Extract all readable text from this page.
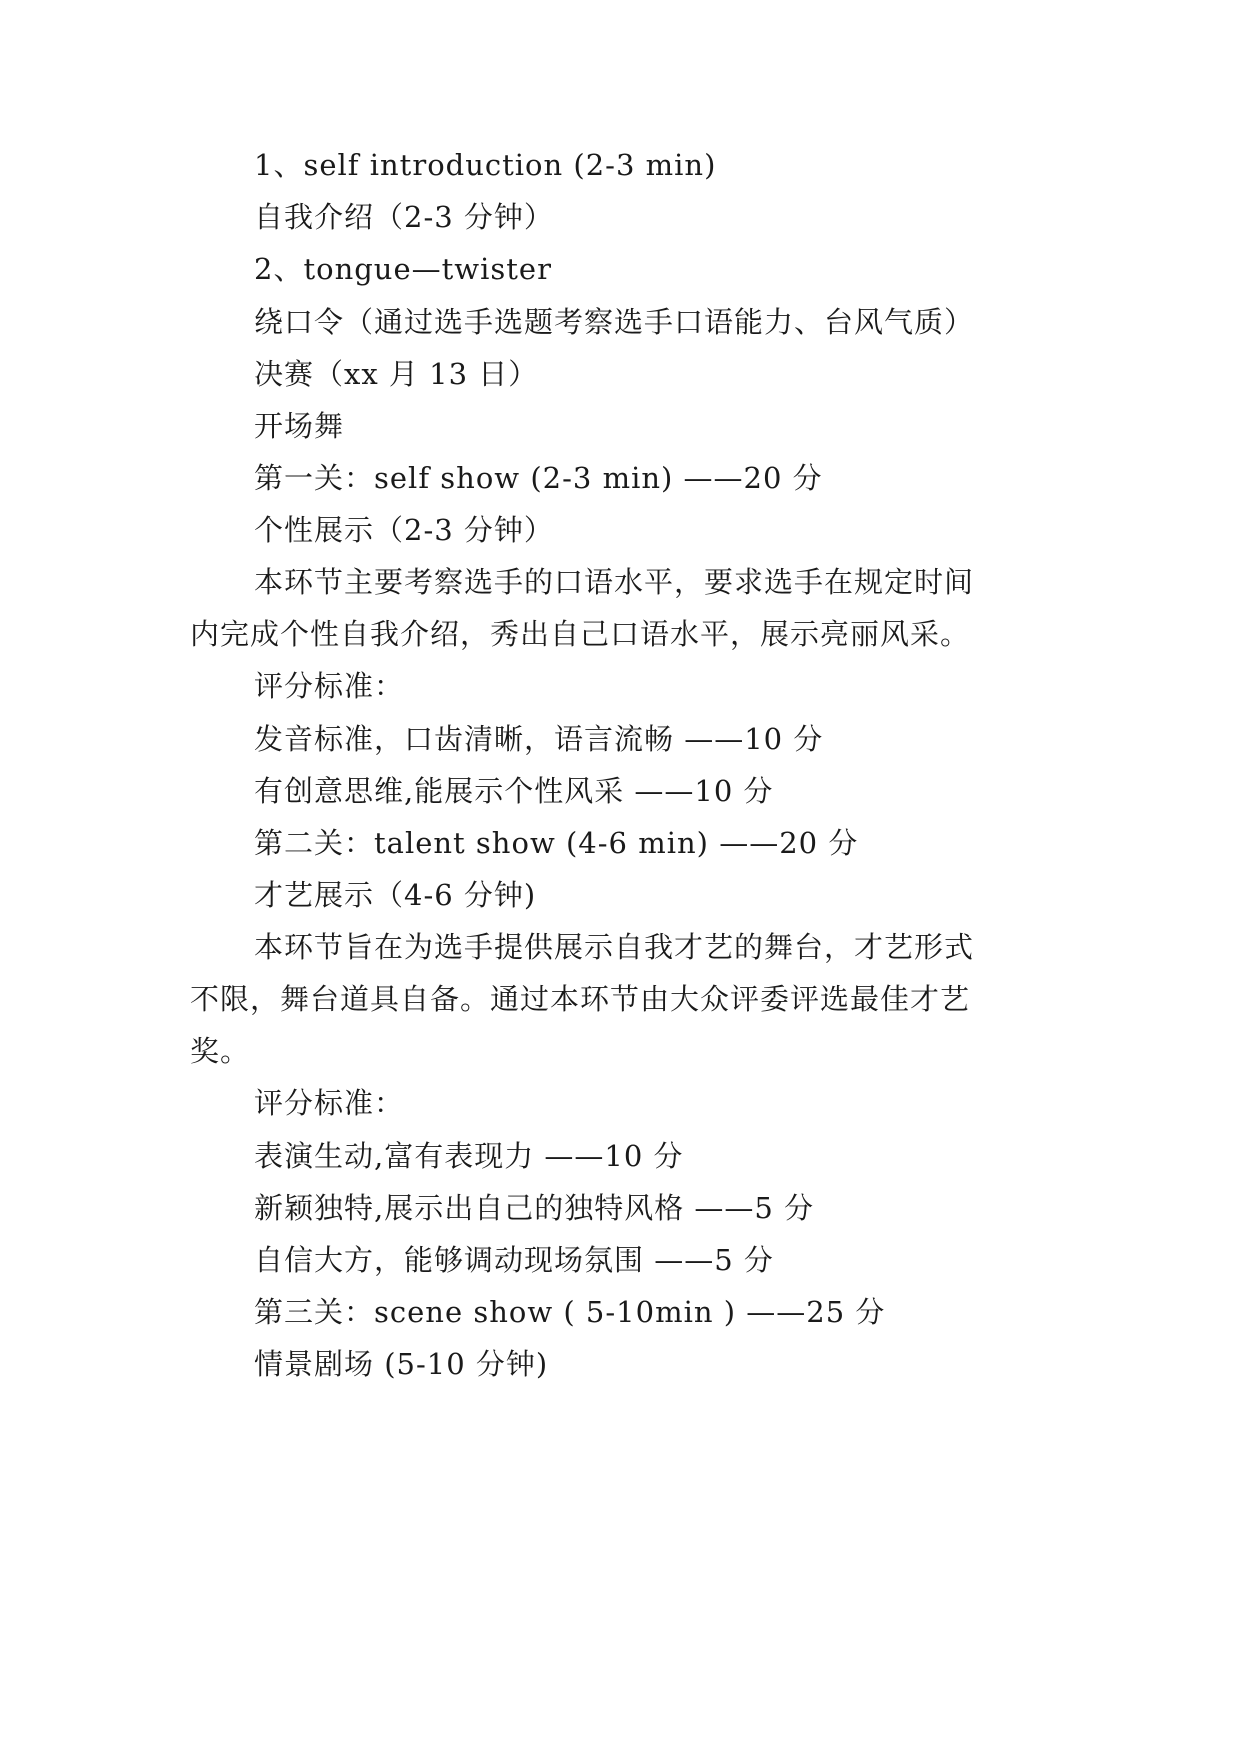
1、self introduction (2-3 min)
自我介绍（2-3 分钟）
2、tongue—twister
绕口令（通过选手选题考察选手口语能力、台风气质）
决赛（xx 月 13 日）
开场舞
第一关：self show (2-3 min) ——20 分
个性展示（2-3 分钟）
本环节主要考察选手的口语水平，要求选手在规定时间
内完成个性自我介绍，秀出自己口语水平，展示亮丽风采。
评分标准：
发音标准，口齿清晰，语言流畅 ——10 分
有创意思维,能展示个性风采 ——10 分
第二关：talent show (4-6 min) ——20 分
才艺展示（4-6 分钟)
本环节旨在为选手提供展示自我才艺的舞台，才艺形式
不限，舞台道具自备。通过本环节由大众评委评选最佳才艺
奖。
评分标准：
表演生动,富有表现力 ——10 分
新颖独特,展示出自己的独特风格 ——5 分
自信大方，能够调动现场氛围 ——5 分
第三关：scene show ( 5-10min ) ——25 分
情景剧场 (5-10 分钟)
